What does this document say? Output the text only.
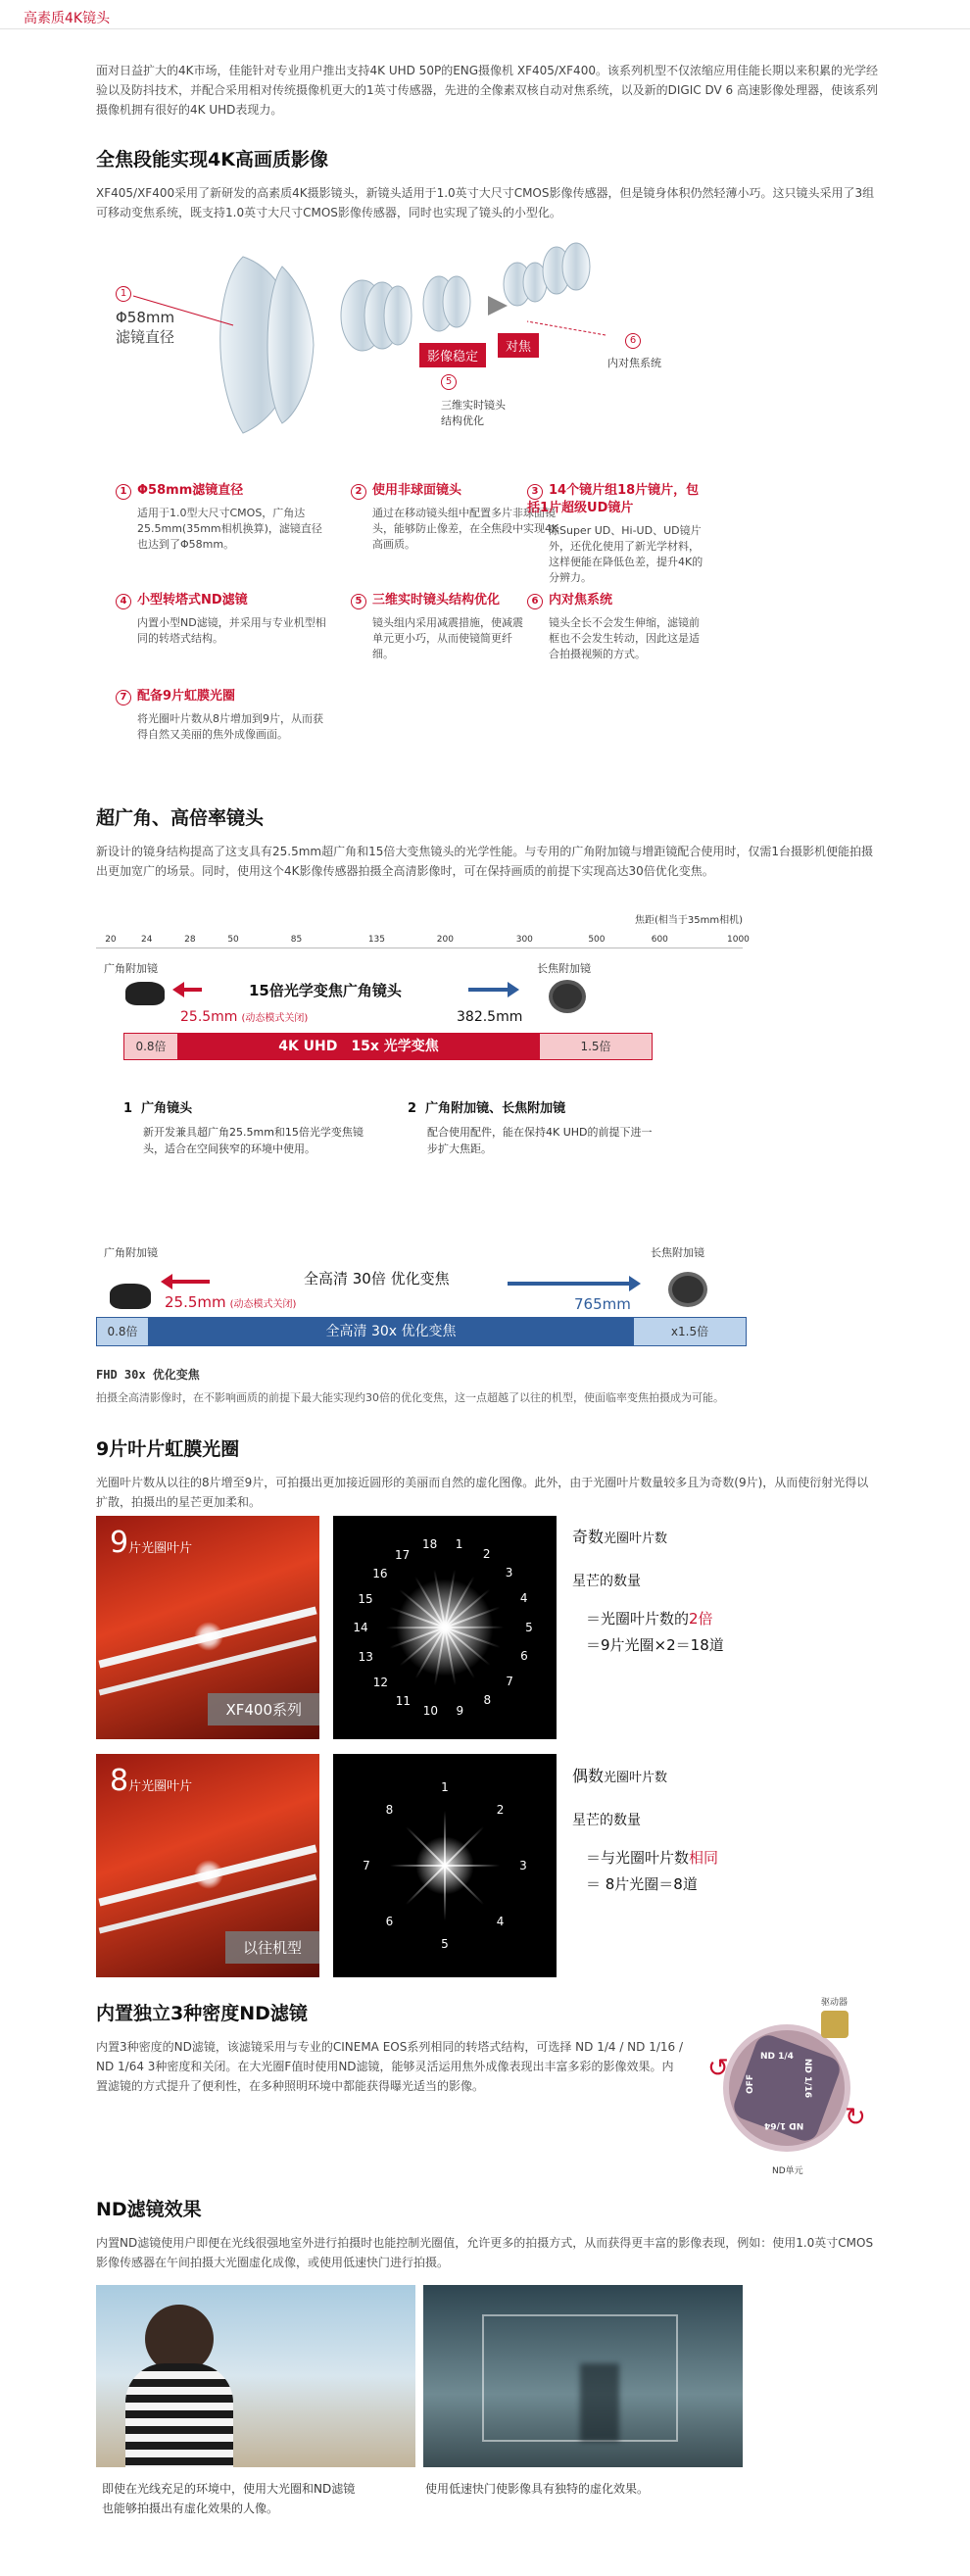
高素质4K镜头
面对日益扩大的4K市场，佳能针对专业用户推出支持4K UHD 50P的ENG摄像机 XF405/XF400。该系列机型不仅浓缩应用佳能长期以来积累的光学经验以及防抖技术，并配合采用相对传统摄像机更大的1英寸传感器，先进的全像素双核自动对焦系统，以及新的DIGIC DV 6 高速影像处理器，使该系列摄像机拥有很好的4K UHD表现力。
全焦段能实现4K高画质影像
XF405/XF400采用了新研发的高素质4K摄影镜头，新镜头适用于1.0英寸大尺寸CMOS影像传感器，但是镜身体积仍然轻薄小巧。这只镜头采用了3组可移动变焦系统，既支持1.0英寸大尺寸CMOS影像传感器，同时也实现了镜头的小型化。
1
Φ58mm
滤镜直径
影像稳定
对焦
5
三维实时镜头
结构优化
6
内对焦系统
1 Φ58mm滤镜直径
适用于1.0型大尺寸CMOS，广角达25.5mm(35mm相机换算)，滤镜直径也达到了Φ58mm。
2 使用非球面镜头
通过在移动镜头组中配置多片非球面镜头，能够防止像差，在全焦段中实现4K高画质。
3 14个镜片组18片镜片，包括1片超级UD镜片
除Super UD、Hi-UD、UD镜片外，还优化使用了新光学材料，这样便能在降低色差，提升4K的分辨力。
4 小型转塔式ND滤镜
内置小型ND滤镜，并采用与专业机型相同的转塔式结构。
5 三维实时镜头结构优化
镜头组内采用减震措施，使减震单元更小巧，从而使镜简更纤细。
6 内对焦系统
镜头全长不会发生伸缩，滤镜前框也不会发生转动，因此这是适合拍摄视频的方式。
7 配备9片虹膜光圈
将光圈叶片数从8片增加到9片，从而获得自然又美丽的焦外成像画面。
超广角、高倍率镜头
新设计的镜身结构提高了这支具有25.5mm超广角和15倍大变焦镜头的光学性能。与专用的广角附加镜与增距镜配合使用时，仅需1台摄影机便能拍摄出更加宽广的场景。同时，使用这个4K影像传感器拍摄全高清影像时，可在保持画质的前提下实现高达30倍优化变焦。
焦距(相当于35mm相机)
20	24	28	50	85	135	200	300	500	600	1000
广角附加镜	长焦附加镜
15倍光学变焦广角镜头
25.5mm (动态模式关闭)	382.5mm
0.8倍	4K UHD　15x 光学变焦	1.5倍
1 广角镜头
新开发兼具超广角25.5mm和15倍光学变焦镜头，适合在空间狭窄的环境中使用。
2 广角附加镜、长焦附加镜
配合使用配件，能在保持4K UHD的前提下进一步扩大焦距。
广角附加镜	长焦附加镜
全高清 30倍 优化变焦
25.5mm (动态模式关闭)	765mm
0.8倍	全高清 30x 优化变焦	x1.5倍
FHD 30x 优化变焦
拍摄全高清影像时，在不影响画质的前提下最大能实现约30倍的优化变焦，这一点超越了以往的机型，使面临率变焦拍摄成为可能。
9片叶片虹膜光圈
光圈叶片数从以往的8片增至9片，可拍摄出更加接近圆形的美丽而自然的虚化图像。此外，由于光圈叶片数量较多且为奇数(9片)，从而使衍射光得以扩散，拍摄出的星芒更加柔和。
9片光圈叶片
XF400系列
1
2
3
4
5
6
7
8
9
10
11
12
13
14
15
16
17
18	奇数光圈叶片数
星芒的数量
＝光圈叶片数的2倍
＝9片光圈×2＝18道
8片光圈叶片
以往机型
1
2
3
4
5
6
7
8
偶数光圈叶片数
星芒的数量
＝与光圈叶片数相同
＝ 8片光圈＝8道
内置独立3种密度ND滤镜
内置3种密度的ND滤镜，该滤镜采用与专业的CINEMA EOS系列相同的转塔式结构，可选择 ND 1/4 / ND 1/16 / ND 1/64 3种密度和关闭。在大光圈F值时使用ND滤镜，能够灵活运用焦外成像表现出丰富多彩的影像效果。内置滤镜的方式提升了便利性，在多种照明环境中都能获得曝光适当的影像。
驱动器
ND 1/4
ND 1/16
ND 1/64
OFF
↺
↻
ND单元
ND滤镜效果
内置ND滤镜使用户即便在光线很强地室外进行拍摄时也能控制光圈值，允许更多的拍摄方式，从而获得更丰富的影像表现，例如：使用1.0英寸CMOS影像传感器在午间拍摄大光圈虚化成像，或使用低速快门进行拍摄。
即使在光线充足的环境中，使用大光圈和ND滤镜
也能够拍摄出有虚化效果的人像。
使用低速快门使影像具有独特的虚化效果。
